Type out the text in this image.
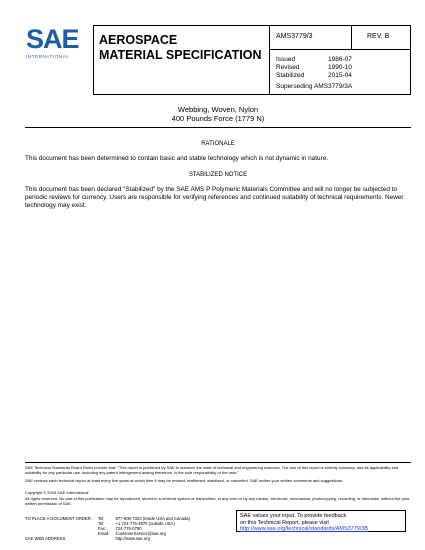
SAE
INTERNATIONAL
AEROSPACE
MATERIAL SPECIFICATION
AMS3779/3	REV. B
Issued	1986-07
Revised	1990-10
Stabilized	2015-04
Superseding AMS3779/3A
Webbing, Woven, Nylon
400 Pounds Force (1779 N)
RATIONALE
This document has been determined to contain basic and stable technology which is not dynamic in nature.
STABILIZED NOTICE
This document has been declared "Stabilized" by the SAE AMS P Polymeric Materials Committee and will no longer be subjected to periodic reviews for currency. Users are responsible for verifying references and continued suitability of technical requirements. Newer technology may exist.
SAE Technical Standards Board Rules provide that: "This report is published by SAE to advance the state of technical and engineering sciences. The use of this report is entirely voluntary, and its applicability and suitability for any particular use, including any patent infringement arising therefrom, is the sole responsibility of the user."
SAE reviews each technical report at least every five years at which time it may be revised, reaffirmed, stabilized, or cancelled. SAE invites your written comments and suggestions.
Copyright © 2015 SAE International
All rights reserved. No part of this publication may be reproduced, stored in a retrieval system or transmitted, in any form or by any means, electronic, mechanical, photocopying, recording, or otherwise, without the prior written permission of SAE.
TO PLACE A DOCUMENT ORDER:	Tel:	877-606-7323 (inside USA and Canada)
	Tel:	+1 724-776-4970 (outside USA)
	Fax:	724-776-0790
	Email:	CustomerService@sae.org
SAE WEB ADDRESS:		http://www.sae.org
SAE values your input. To provide feedback
on this Technical Report, please visit
http://www.sae.org/technical/standards/AMS3779/3B
